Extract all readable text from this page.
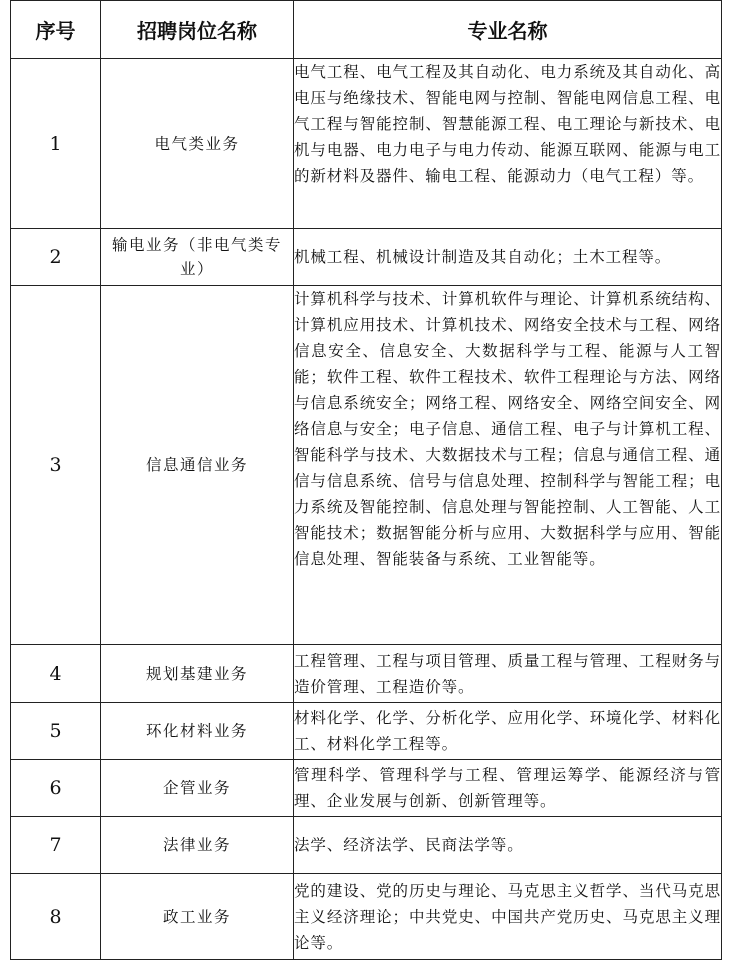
序号	招聘岗位名称	专业名称
1	电气类业务	电气工程、电气工程及其自动化、电力系统及其自动化、高电压与绝缘技术、智能电网与控制、智能电网信息工程、电气工程与智能控制、智慧能源工程、电工理论与新技术、电机与电器、电力电子与电力传动、能源互联网、能源与电工的新材料及器件、输电工程、能源动力（电气工程）等。
2	输电业务（非电气类专业）	机械工程、机械设计制造及其自动化；土木工程等。
3	信息通信业务	计算机科学与技术、计算机软件与理论、计算机系统结构、计算机应用技术、计算机技术、网络安全技术与工程、网络信息安全、信息安全、大数据科学与工程、能源与人工智能；软件工程、软件工程技术、软件工程理论与方法、网络与信息系统安全；网络工程、网络安全、网络空间安全、网络信息与安全；电子信息、通信工程、电子与计算机工程、智能科学与技术、大数据技术与工程；信息与通信工程、通信与信息系统、信号与信息处理、控制科学与智能工程；电力系统及智能控制、信息处理与智能控制、人工智能、人工智能技术；数据智能分析与应用、大数据科学与应用、智能信息处理、智能装备与系统、工业智能等。
4	规划基建业务	工程管理、工程与项目管理、质量工程与管理、工程财务与造价管理、工程造价等。
5	环化材料业务	材料化学、化学、分析化学、应用化学、环境化学、材料化工、材料化学工程等。
6	企管业务	管理科学、管理科学与工程、管理运筹学、能源经济与管理、企业发展与创新、创新管理等。
7	法律业务	法学、经济法学、民商法学等。
8	政工业务	党的建设、党的历史与理论、马克思主义哲学、当代马克思主义经济理论；中共党史、中国共产党历史、马克思主义理论等。
